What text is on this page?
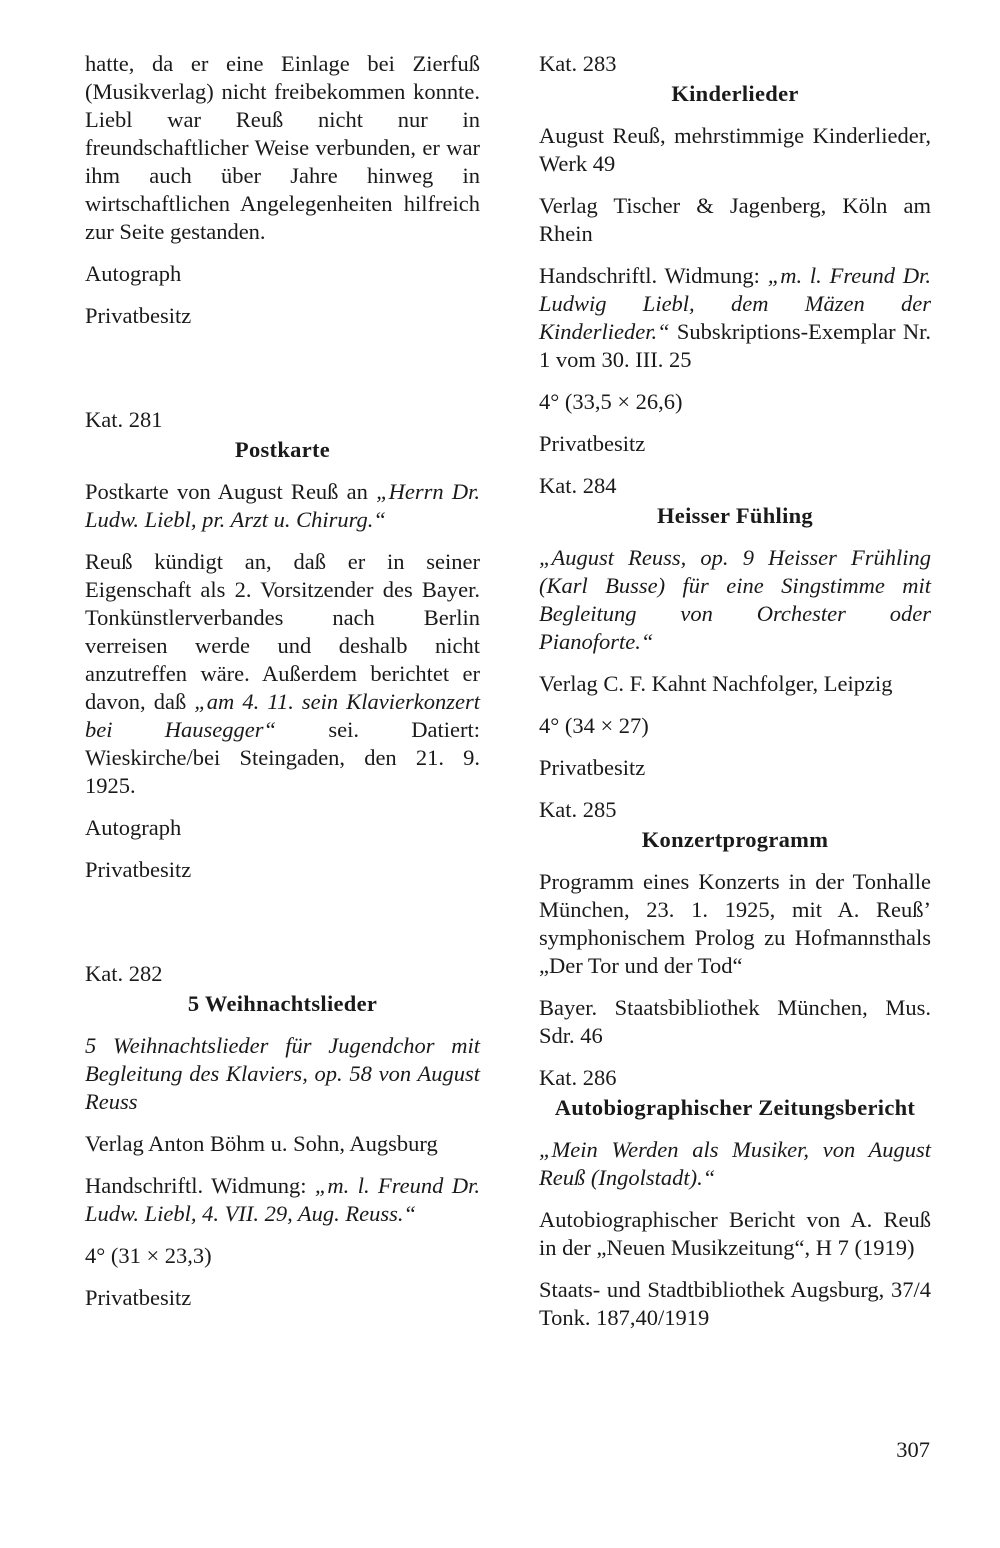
hatte, da er eine Einlage bei Zierfuß (Musikverlag) nicht freibekommen konnte. Liebl war Reuß nicht nur in freundschaftlicher Weise verbunden, er war ihm auch über Jahre hinweg in wirtschaftlichen Angelegenheiten hilfreich zur Seite gestanden.

Autograph

Privatbesitz

Kat. 281

Postkarte

Postkarte von August Reuß an „Herrn Dr. Ludw. Liebl, pr. Arzt u. Chirurg.“

Reuß kündigt an, daß er in seiner Eigenschaft als 2. Vorsitzender des Bayer. Tonkünstlerverbandes nach Berlin verreisen werde und deshalb nicht anzutreffen wäre. Außerdem berichtet er davon, daß „am 4. 11. sein Klavierkonzert bei Hausegger“ sei. Datiert: Wieskirche/bei Steingaden, den 21. 9. 1925.

Autograph

Privatbesitz

Kat. 282

5 Weihnachtslieder

5 Weihnachtslieder für Jugendchor mit Begleitung des Klaviers, op. 58 von August Reuss

Verlag Anton Böhm u. Sohn, Augsburg

Handschriftl. Widmung: „m. l. Freund Dr. Ludw. Liebl, 4. VII. 29, Aug. Reuss.“

4° (31 × 23,3)

Privatbesitz

Kat. 283

Kinderlieder

August Reuß, mehrstimmige Kinderlieder, Werk 49

Verlag Tischer & Jagenberg, Köln am Rhein

Handschriftl. Widmung: „m. l. Freund Dr. Ludwig Liebl, dem Mäzen der Kinderlieder.“ Subskriptions-Exemplar Nr. 1 vom 30. III. 25

4° (33,5 × 26,6)

Privatbesitz

Kat. 284

Heisser Fühling

„August Reuss, op. 9 Heisser Frühling (Karl Busse) für eine Singstimme mit Begleitung von Orchester oder Pianoforte.“

Verlag C. F. Kahnt Nachfolger, Leipzig

4° (34 × 27)

Privatbesitz

Kat. 285

Konzertprogramm

Programm eines Konzerts in der Tonhalle München, 23. 1. 1925, mit A. Reuß’ symphonischem Prolog zu Hofmannsthals „Der Tor und der Tod“

Bayer. Staatsbibliothek München, Mus. Sdr. 46

Kat. 286

Autobiographischer Zeitungsbericht

„Mein Werden als Musiker, von August Reuß (Ingolstadt).“

Autobiographischer Bericht von A. Reuß in der „Neuen Musikzeitung“, H 7 (1919)

Staats- und Stadtbibliothek Augsburg, 37/4 Tonk. 187,40/1919

307
